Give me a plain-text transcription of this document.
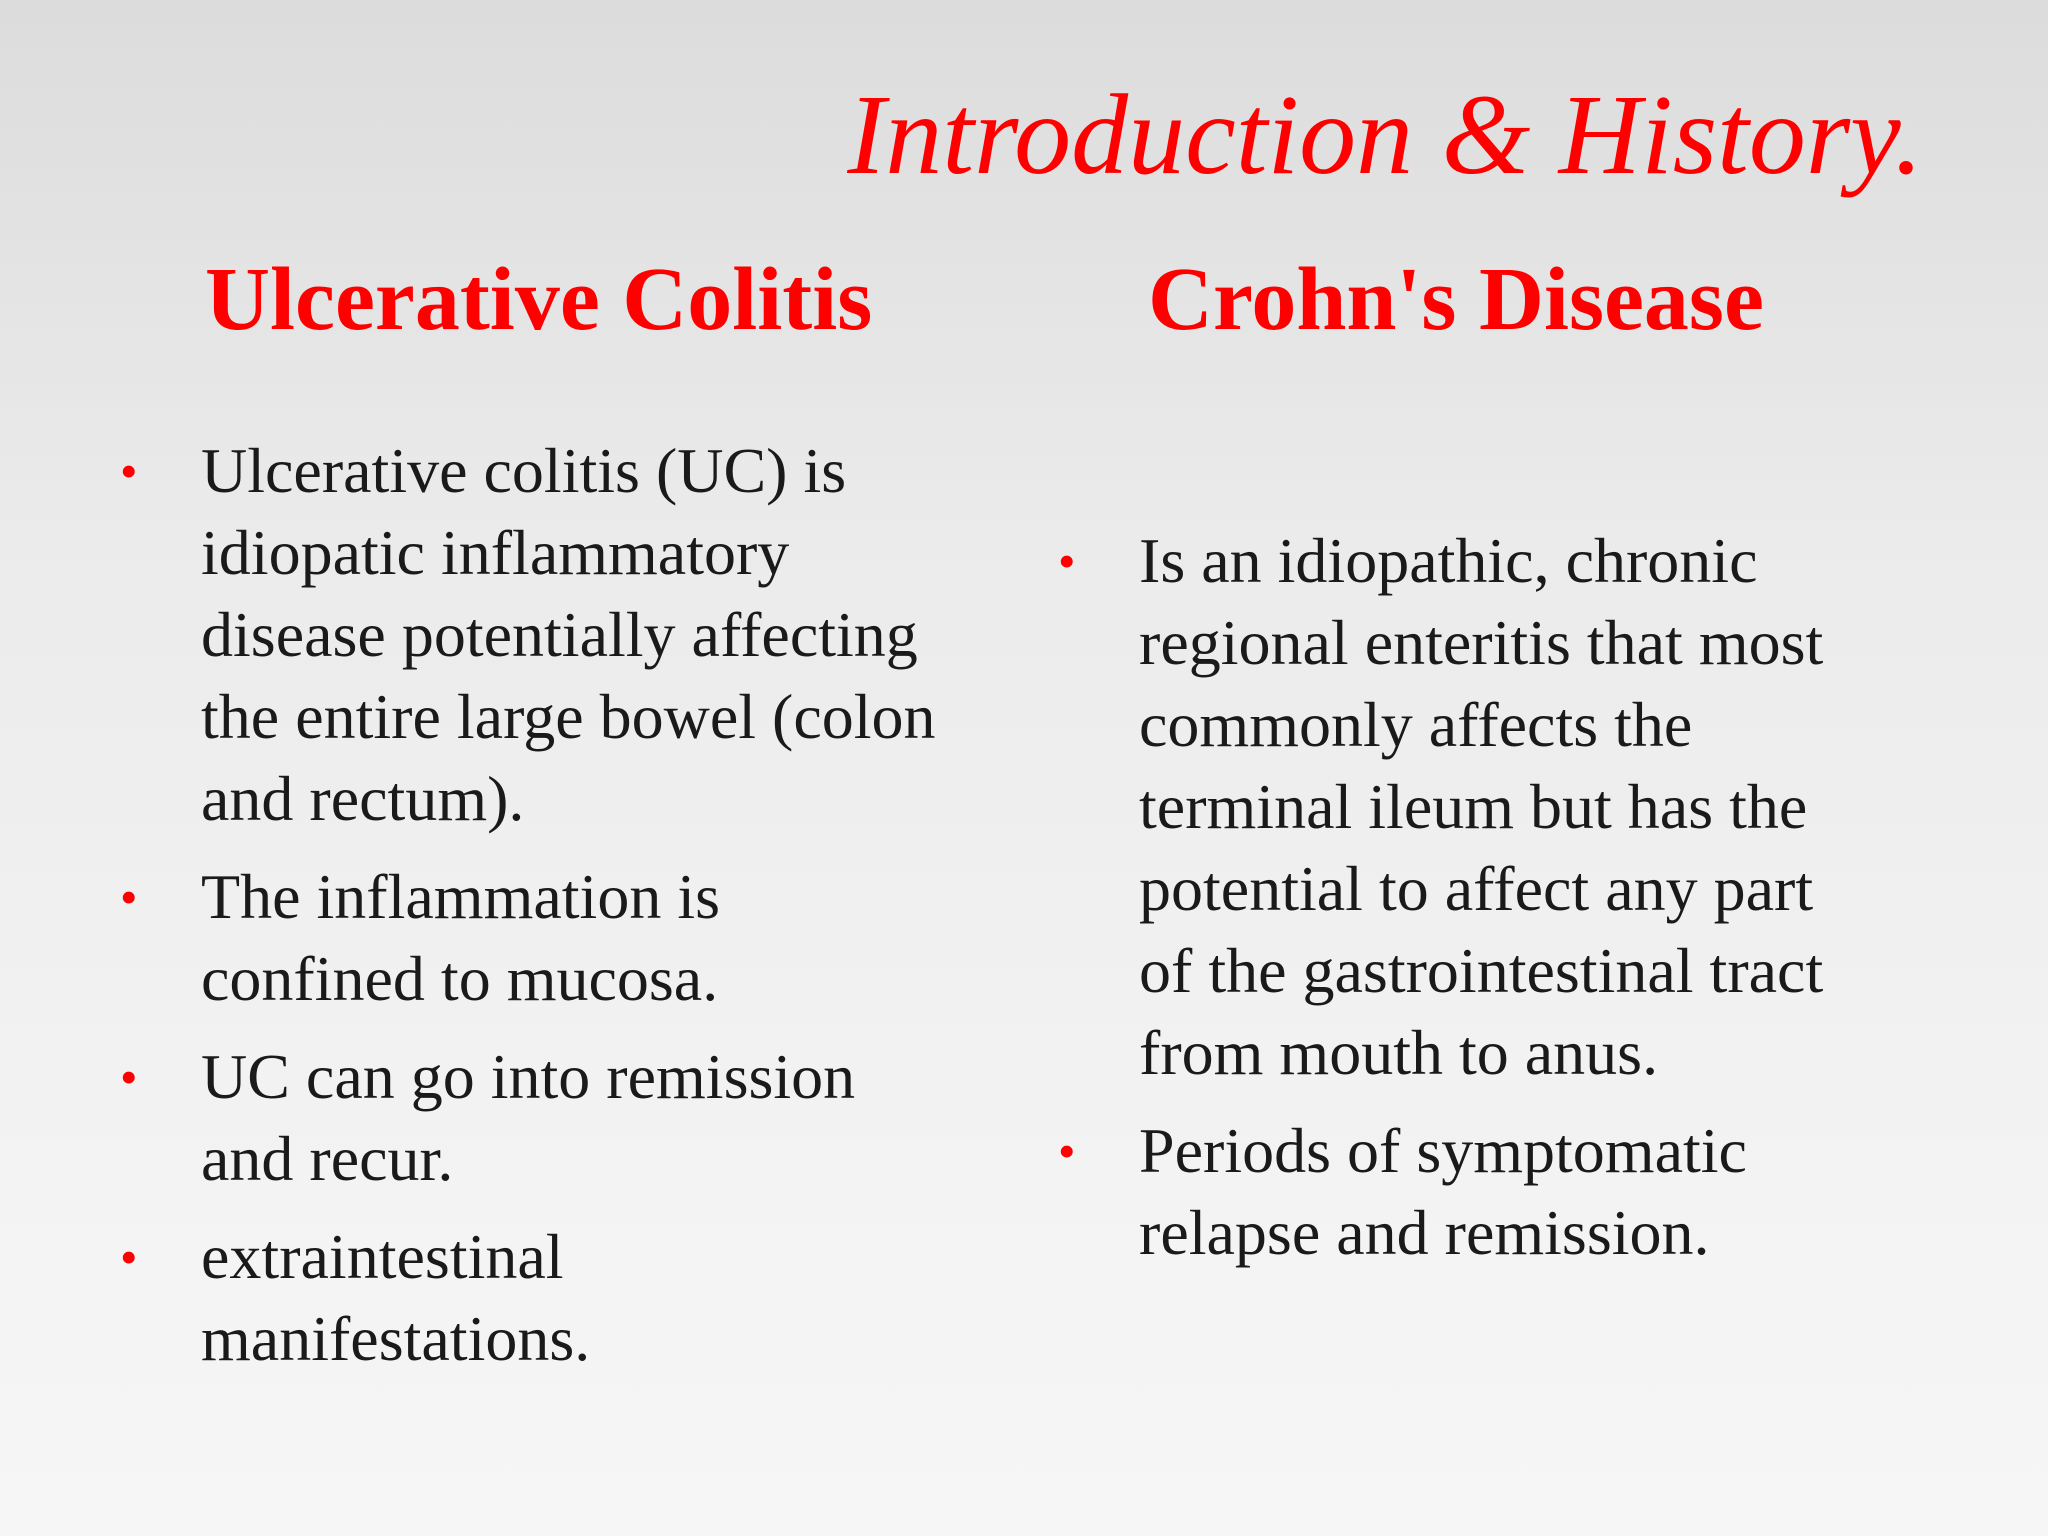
Introduction & History.
Ulcerative Colitis	Crohn's Disease
• Ulcerative colitis (UC) is
idiopatic inflammatory
disease potentially affecting
the entire large bowel (colon
and rectum).
• The inflammation is
confined to mucosa.
• UC can go into remission
and recur.
• extraintestinal
manifestations.
• Is an idiopathic, chronic
regional enteritis that most
commonly affects the
terminal ileum but has the
potential to affect any part
of the gastrointestinal tract
from mouth to anus.
• Periods of symptomatic
relapse and remission.
